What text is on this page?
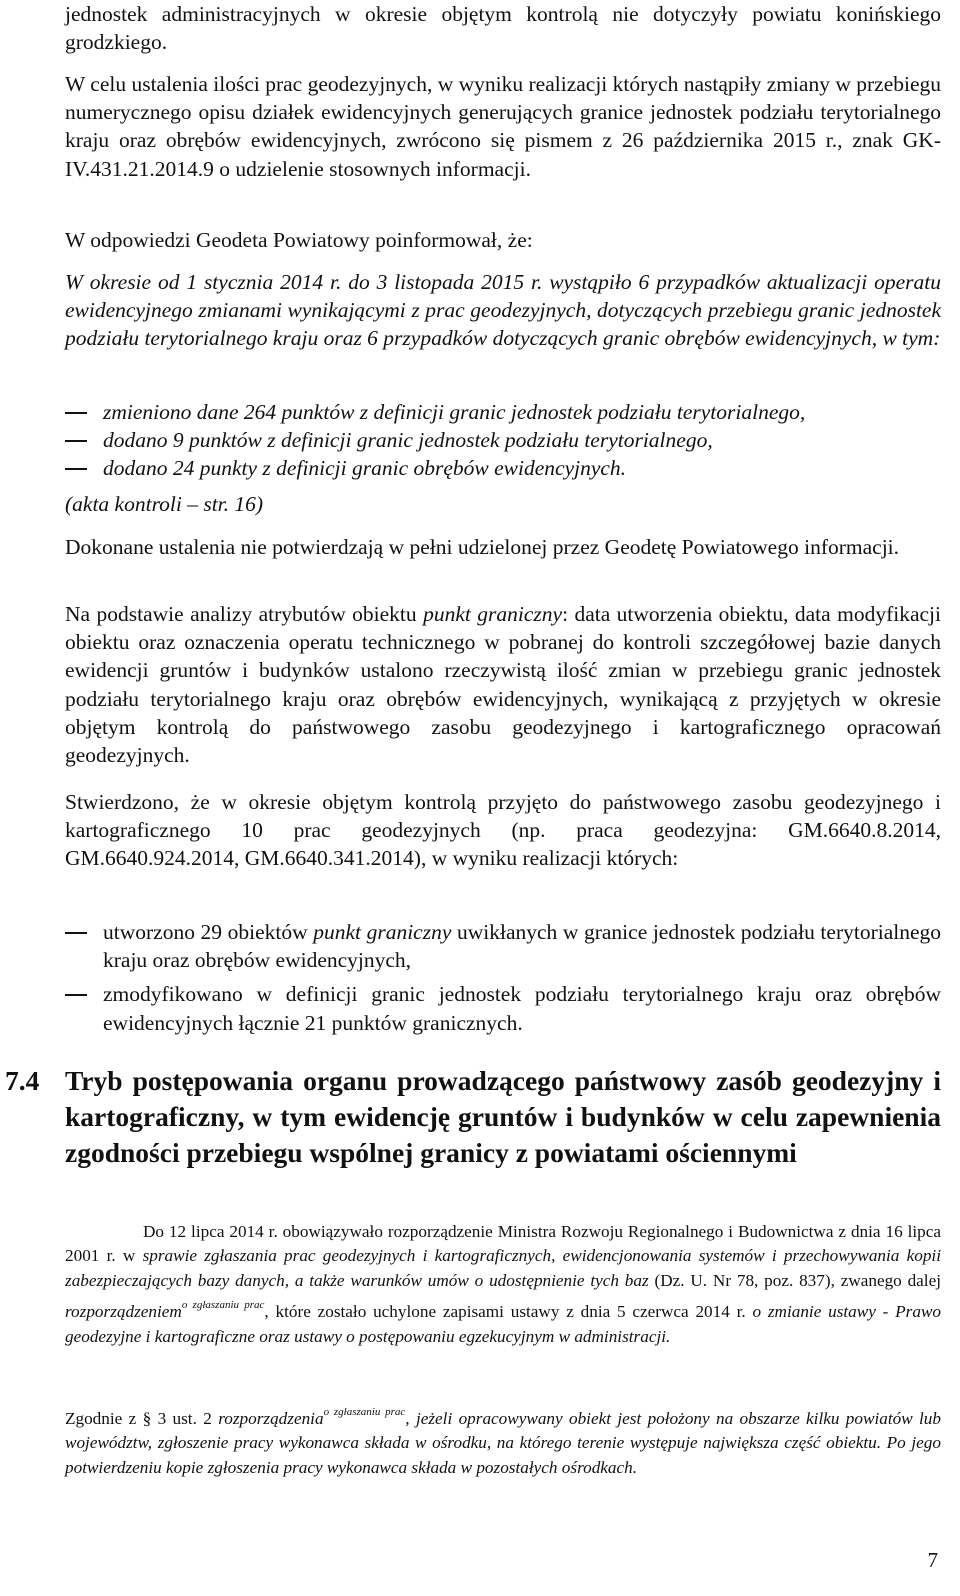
jednostek administracyjnych w okresie objętym kontrolą nie dotyczyły powiatu konińskiego grodzkiego.

W celu ustalenia ilości prac geodezyjnych, w wyniku realizacji których nastąpiły zmiany w przebiegu numerycznego opisu działek ewidencyjnych generujących granice jednostek podziału terytorialnego kraju oraz obrębów ewidencyjnych, zwrócono się pismem z 26 października 2015 r., znak GK-IV.431.21.2014.9 o udzielenie stosownych informacji.

W odpowiedzi Geodeta Powiatowy poinformował, że:

W okresie od 1 stycznia 2014 r. do 3 listopada 2015 r. wystąpiło 6 przypadków aktualizacji operatu ewidencyjnego zmianami wynikającymi z prac geodezyjnych, dotyczących przebiegu granic jednostek podziału terytorialnego kraju oraz 6 przypadków dotyczących granic obrębów ewidencyjnych, w tym:

zmieniono dane 264 punktów z definicji granic jednostek podziału terytorialnego,
dodano 9 punktów z definicji granic jednostek podziału terytorialnego,
dodano 24 punkty z definicji granic obrębów ewidencyjnych.

(akta kontroli – str. 16)

Dokonane ustalenia nie potwierdzają w pełni udzielonej przez Geodetę Powiatowego informacji.

Na podstawie analizy atrybutów obiektu punkt graniczny: data utworzenia obiektu, data modyfikacji obiektu oraz oznaczenia operatu technicznego w pobranej do kontroli szczegółowej bazie danych ewidencji gruntów i budynków ustalono rzeczywistą ilość zmian w przebiegu granic jednostek podziału terytorialnego kraju oraz obrębów ewidencyjnych, wynikającą z przyjętych w okresie objętym kontrolą do państwowego zasobu geodezyjnego i kartograficznego opracowań geodezyjnych.

Stwierdzono, że w okresie objętym kontrolą przyjęto do państwowego zasobu geodezyjnego i kartograficznego 10 prac geodezyjnych (np. praca geodezyjna: GM.6640.8.2014, GM.6640.924.2014, GM.6640.341.2014), w wyniku realizacji których:

utworzono 29 obiektów punkt graniczny uwikłanych w granice jednostek podziału terytorialnego kraju oraz obrębów ewidencyjnych,
zmodyfikowano w definicji granic jednostek podziału terytorialnego kraju oraz obrębów ewidencyjnych łącznie 21 punktów granicznych.
7.4 Tryb postępowania organu prowadzącego państwowy zasób geodezyjny i kartograficzny, w tym ewidencję gruntów i budynków w celu zapewnienia zgodności przebiegu wspólnej granicy z powiatami ościennymi

Do 12 lipca 2014 r. obowiązywało rozporządzenie Ministra Rozwoju Regionalnego i Budownictwa z dnia 16 lipca 2001 r. w sprawie zgłaszania prac geodezyjnych i kartograficznych, ewidencjonowania systemów i przechowywania kopii zabezpieczających bazy danych, a także warunków umów o udostępnienie tych baz (Dz. U. Nr 78, poz. 837), zwanego dalej rozporządzeniem$^{o zgłaszaniu prac}$, które zostało uchylone zapisami ustawy z dnia 5 czerwca 2014 r. o zmianie ustawy - Prawo geodezyjne i kartograficzne oraz ustawy o postępowaniu egzekucyjnym w administracji.

Zgodnie z § 3 ust. 2 rozporządzenia$^{o zgłaszaniu prac}$, jeżeli opracowywany obiekt jest położony na obszarze kilku powiatów lub województw, zgłoszenie pracy wykonawca składa w ośrodku, na którego terenie występuje największa część obiektu. Po jego potwierdzeniu kopie zgłoszenia pracy wykonawca składa w pozostałych ośrodkach.

7
